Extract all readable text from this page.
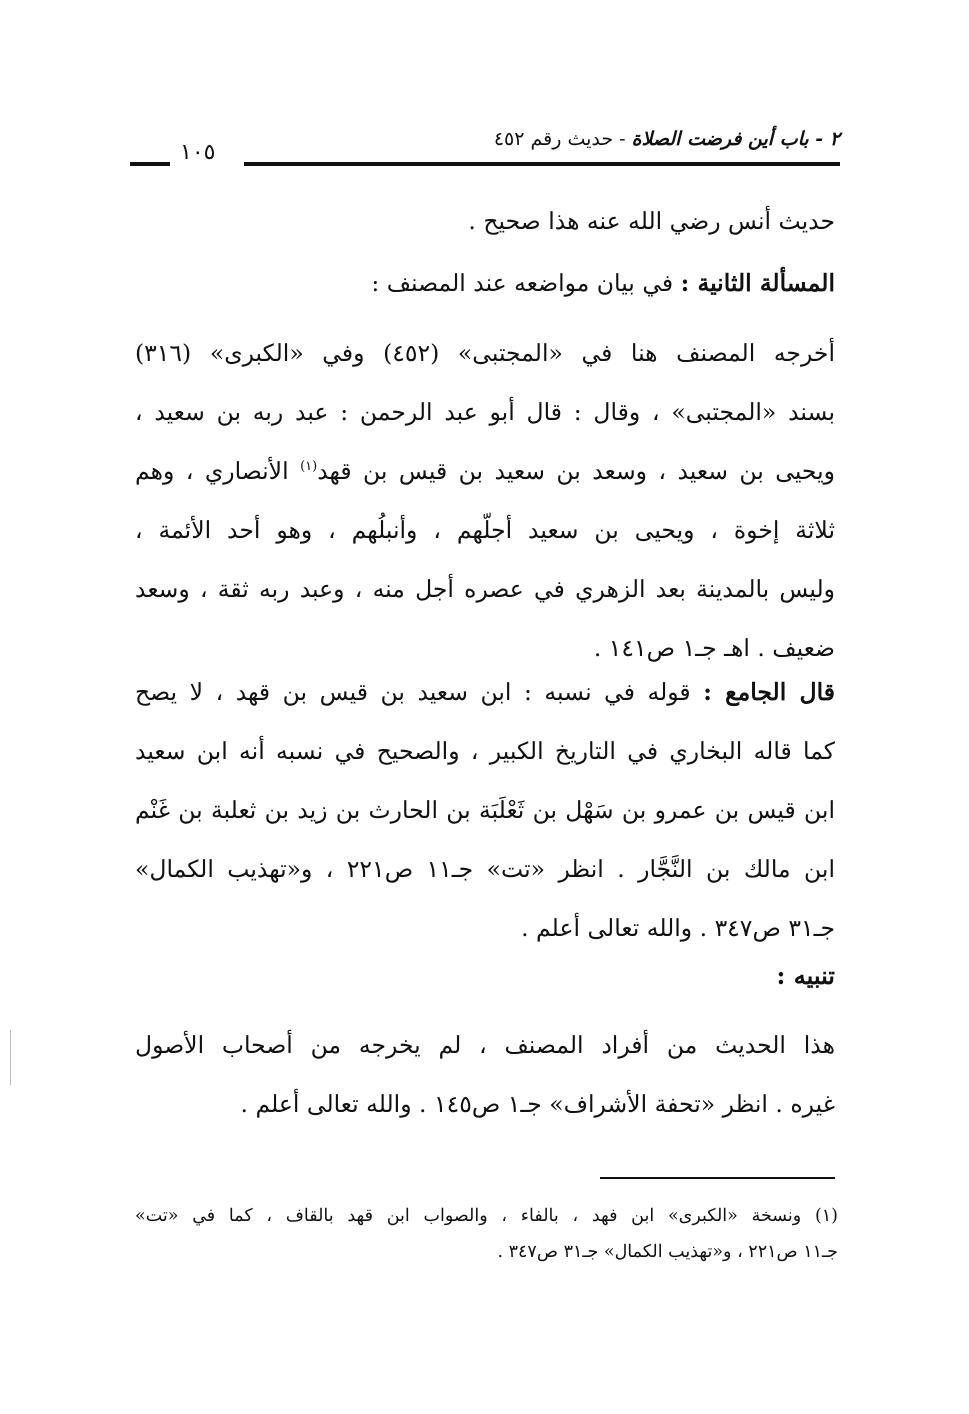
٢ - باب أين فرضت الصلاة - حديث رقم ٤٥٢
١٠٥
حديث أنس رضي الله عنه هذا صحيح .
المسألة الثانية : في بيان مواضعه عند المصنف :
أخرجه المصنف هنا في «المجتبى» (٤٥٢) وفي «الكبرى» (٣١٦)
بسند «المجتبى» ، وقال : قال أبو عبد الرحمن : عبد ربه بن سعيد ،
ويحيى بن سعيد ، وسعد بن سعيد بن قيس بن قهد$^{(١)}$ الأنصاري ، وهم
ثلاثة إخوة ، ويحيى بن سعيد أجلّهم ، وأنبلُهم ، وهو أحد الأئمة ،
وليس بالمدينة بعد الزهري في عصره أجل منه ، وعبد ربه ثقة ، وسعد
ضعيف . اهـ جـ١ ص١٤١ .
قال الجامع : قوله في نسبه : ابن سعيد بن قيس بن قهد ، لا يصح
كما قاله البخاري في التاريخ الكبير ، والصحيح في نسبه أنه ابن سعيد
ابن قيس بن عمرو بن سَهْل بن ثَعْلَبَة بن الحارث بن زيد بن ثعلبة بن غَنْم
ابن مالك بن النَّجَّار . انظر «تت» جـ١١ ص٢٢١ ، و«تهذيب الكمال»
جـ٣١ ص٣٤٧ . والله تعالى أعلم .
تنبيه :
هذا الحديث من أفراد المصنف ، لم يخرجه من أصحاب الأصول
غيره . انظر «تحفة الأشراف» جـ١ ص١٤٥ . والله تعالى أعلم .
(١) ونسخة «الكبرى» ابن فهد ، بالفاء ، والصواب ابن قهد بالقاف ، كما في «تت»
جـ١١ ص٢٢١ ، و«تهذيب الكمال» جـ٣١ ص٣٤٧ .
